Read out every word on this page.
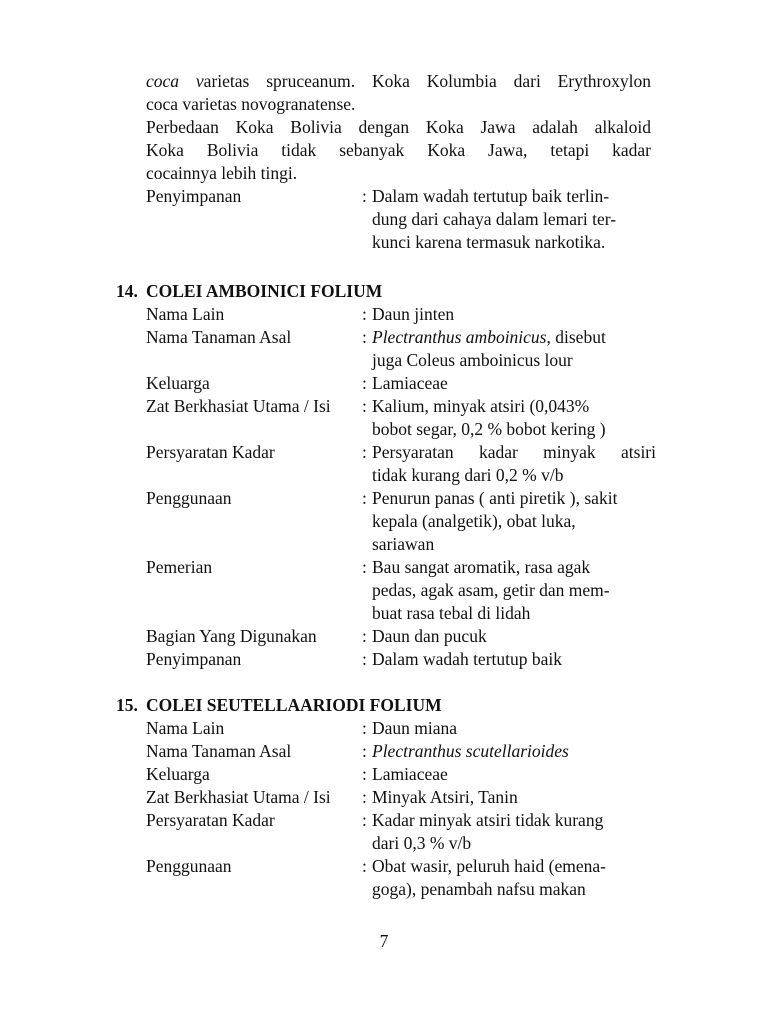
coca varietas spruceanum. Koka Kolumbia dari Erythroxylon

coca varietas novogranatense.

Perbedaan Koka Bolivia dengan Koka Jawa adalah alkaloid

Koka Bolivia tidak sebanyak Koka Jawa, tetapi kadar

cocainnya lebih tingi.

Penyimpanan	: Dalam wadah tertutup baik terlin-
dung dari cahaya dalam lemari ter-
kunci karena termasuk narkotika.
14. COLEI AMBOINICI FOLIUM
Nama Lain	: Daun jinten
Nama Tanaman Asal	: Plectranthus amboinicus, disebut
juga Coleus amboinicus lour
Keluarga	: Lamiaceae
Zat Berkhasiat Utama / Isi	: Kalium, minyak atsiri (0,043%
bobot segar, 0,2 % bobot kering )
Persyaratan Kadar	: Persyaratan kadar minyak atsiri
tidak kurang dari 0,2 % v/b
Penggunaan	: Penurun panas ( anti piretik ), sakit
kepala (analgetik), obat luka,
sariawan
Pemerian	: Bau sangat aromatik, rasa agak
pedas, agak asam, getir dan mem-
buat rasa tebal di lidah
Bagian Yang Digunakan	: Daun dan pucuk
Penyimpanan	: Dalam wadah tertutup baik
15. COLEI SEUTELLAARIODI FOLIUM
Nama Lain	: Daun miana
Nama Tanaman Asal	: Plectranthus scutellarioides
Keluarga	: Lamiaceae
Zat Berkhasiat Utama / Isi	: Minyak Atsiri, Tanin
Persyaratan Kadar	: Kadar minyak atsiri tidak kurang
dari 0,3 % v/b
Penggunaan	: Obat wasir, peluruh haid (emena-
goga), penambah nafsu makan
7
